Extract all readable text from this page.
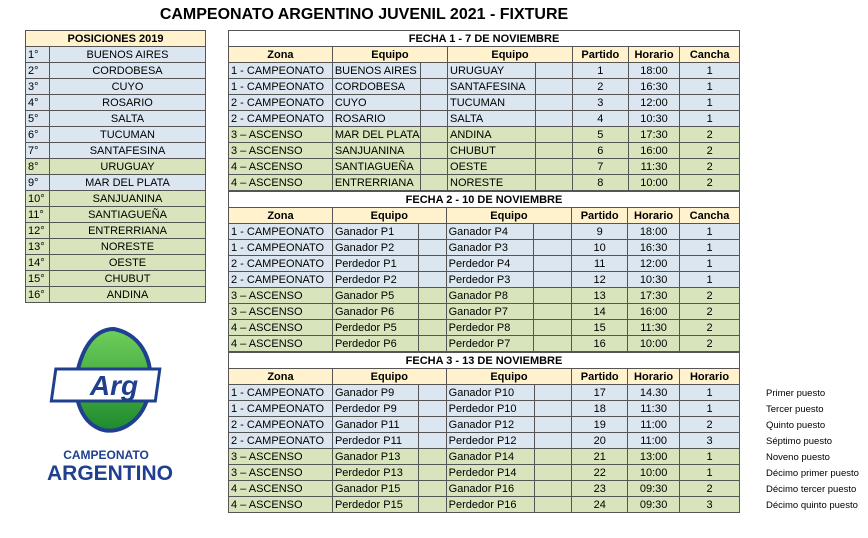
CAMPEONATO ARGENTINO JUVENIL 2021 - FIXTURE
POSICIONES 2019	
1°	BUENOS AIRES
2°	CORDOBESA
3°	CUYO
4°	ROSARIO
5°	SALTA
6°	TUCUMAN
7°	SANTAFESINA
8°	URUGUAY
9°	MAR DEL PLATA
10°	SANJUANINA
11°	SANTIAGUEÑA
12°	ENTRERRIANA
13°	NORESTE
14°	OESTE
15°	CHUBUT
16°	ANDINA
FECHA 1 - 7 DE NOVIEMBRE							
Zona	Equipo		Equipo		Partido	Horario	Cancha
1 - CAMPEONATO	BUENOS AIRES		URUGUAY		1	18:00	1
1 - CAMPEONATO	CORDOBESA		SANTAFESINA		2	16:30	1
2 - CAMPEONATO	CUYO		TUCUMAN		3	12:00	1
2 - CAMPEONATO	ROSARIO		SALTA		4	10:30	1
3 – ASCENSO	MAR DEL PLATA		ANDINA		5	17:30	2
3 – ASCENSO	SANJUANINA		CHUBUT		6	16:00	2
4 – ASCENSO	SANTIAGUEÑA		OESTE		7	11:30	2
4 – ASCENSO	ENTRERRIANA		NORESTE		8	10:00	2
FECHA 2 - 10 DE NOVIEMBRE							
Zona	Equipo		Equipo		Partido	Horario	Cancha
1 - CAMPEONATO	Ganador P1		Ganador P4		9	18:00	1
1 - CAMPEONATO	Ganador P2		Ganador P3		10	16:30	1
2 - CAMPEONATO	Perdedor P1		Perdedor P4		11	12:00	1
2 - CAMPEONATO	Perdedor P2		Perdedor P3		12	10:30	1
3 – ASCENSO	Ganador P5		Ganador P8		13	17:30	2
3 – ASCENSO	Ganador P6		Ganador P7		14	16:00	2
4 – ASCENSO	Perdedor P5		Perdedor P8		15	11:30	2
4 – ASCENSO	Perdedor P6		Perdedor P7		16	10:00	2
FECHA 3 - 13 DE NOVIEMBRE							
Zona	Equipo		Equipo		Partido	Horario	Horario
1 - CAMPEONATO	Ganador P9		Ganador P10		17	14.30	1
1 - CAMPEONATO	Perdedor P9		Perdedor P10		18	11:30	1
2 - CAMPEONATO	Ganador P11		Ganador P12		19	11:00	2
2 - CAMPEONATO	Perdedor P11		Perdedor P12		20	11:00	3
3 – ASCENSO	Ganador P13		Ganador P14		21	13:00	1
3 – ASCENSO	Perdedor P13		Perdedor P14		22	10:00	1
4 – ASCENSO	Ganador P15		Ganador P16		23	09:30	2
4 – ASCENSO	Perdedor P15		Perdedor P16		24	09:30	3
Primer puesto
Tercer puesto
Quinto puesto
Séptimo puesto
Noveno puesto
Décimo primer puesto
Décimo tercer puesto
Décimo quinto puesto
Arg
CAMPEONATO
ARGENTINO
